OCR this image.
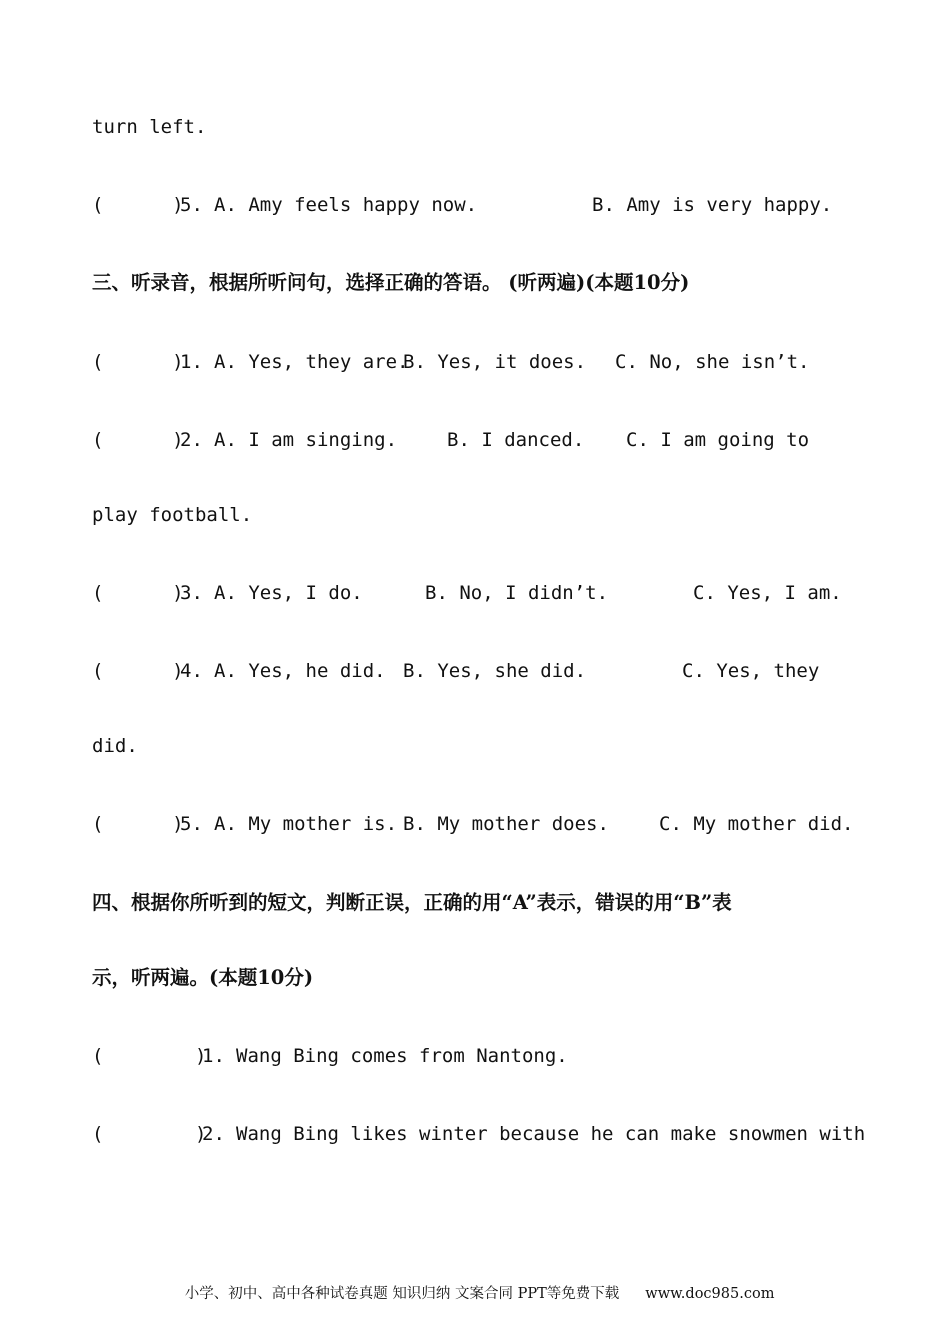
turn left.

(      )

5.

A. Amy feels happy now.

	B. Amy is very happy.

三、听录音，根据所听问句，选择正确的答语。 (听两遍)(本题10分)

(      )

1.

A. Yes, they are.

B. Yes, it does.

C. No, she isn’t.

(      )

2.

A. I am singing.

	B. I danced.

C. I am going to

play football.

(      )

3.

A. Yes, I do.

	B. No, I didn’t.

	C. Yes, I am.

(      )

4.

A. Yes, he did.

B. Yes, she did.

	C. Yes, they

did.

(      )

5.

A. My mother is.

B. My mother does.

	C. My mother did.

四、根据你所听到的短文，判断正误，正确的用“A”表示，错误的用“B”表
示，听两遍。(本题10分)

(        )

1.

Wang Bing comes from Nantong.

(        )

2.

Wang Bing likes winter because he can make snowmen with

小学、初中、高中各种试卷真题 知识归纳 文案合同 PPT等免费下载 www.doc985.com
